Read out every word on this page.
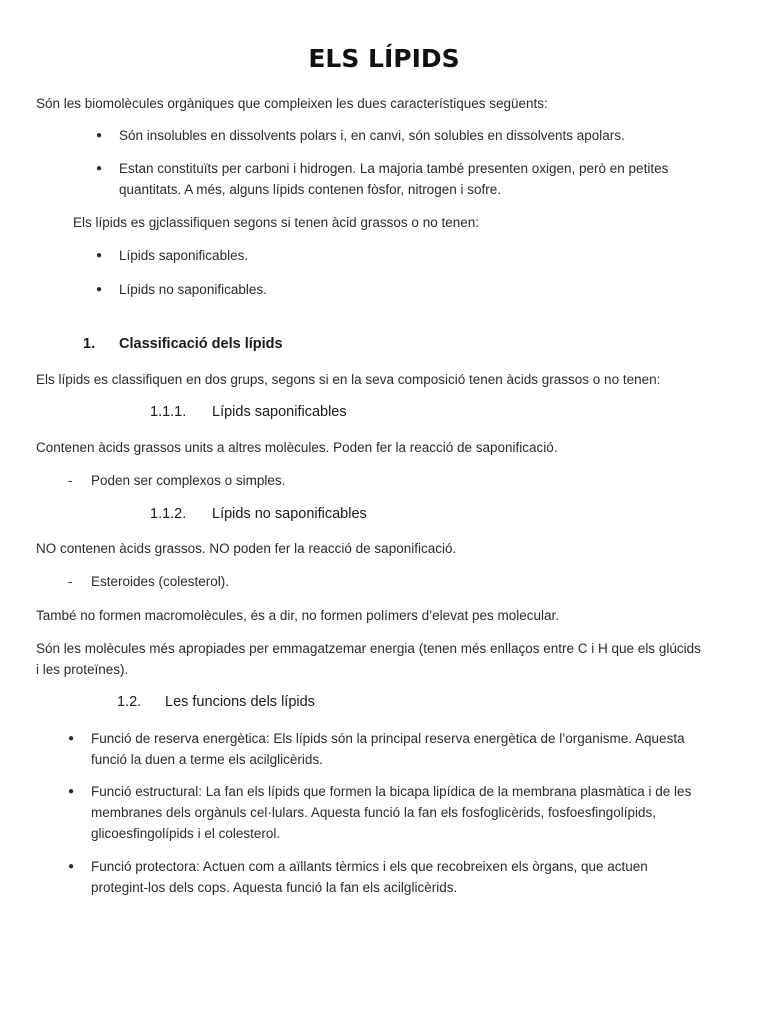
ELS LÍPIDS
Són les biomolècules orgàniques que compleixen les dues característiques següents:
● Són insolubles en dissolvents polars i, en canvi, són solubles en dissolvents apolars.
● Estan constituïts per carboni i hidrogen. La majoria també presenten oxigen, però en petites quantitats. A més, alguns lípids contenen fòsfor, nitrogen i sofre.
Els lípids es gjclassifiquen segons si tenen àcid grassos o no tenen:
● Lípids saponificables.
● Lípids no saponificables.
1. Classificació dels lípids
Els lípids es classifiquen en dos grups, segons si en la seva composició tenen àcids grassos o no tenen:
1.1.1. Lípids saponificables
Contenen àcids grassos units a altres molècules. Poden fer la reacció de saponificació.
- Poden ser complexos o simples.
1.1.2. Lípids no saponificables
NO contenen àcids grassos. NO poden fer la reacció de saponificació.
- Esteroides (colesterol).
També no formen macromolècules, és a dir, no formen polímers d’elevat pes molecular.
Són les molècules més apropiades per emmagatzemar energia (tenen més enllaços entre C i H que els glúcids i les proteïnes).
1.2. Les funcions dels lípids
● Funció de reserva energètica: Els lípids són la principal reserva energètica de l’organisme. Aquesta funció la duen a terme els acilglicèrids.
● Funció estructural: La fan els lípids que formen la bicapa lipídica de la membrana plasmàtica i de les membranes dels orgànuls cel·lulars. Aquesta funció la fan els fosfoglicèrids, fosfoesfingolípids, glicoesfingolípids i el colesterol.
● Funció protectora: Actuen com a aïllants tèrmics i els que recobreixen els òrgans, que actuen protegint-los dels cops. Aquesta funció la fan els acilglicèrids.
